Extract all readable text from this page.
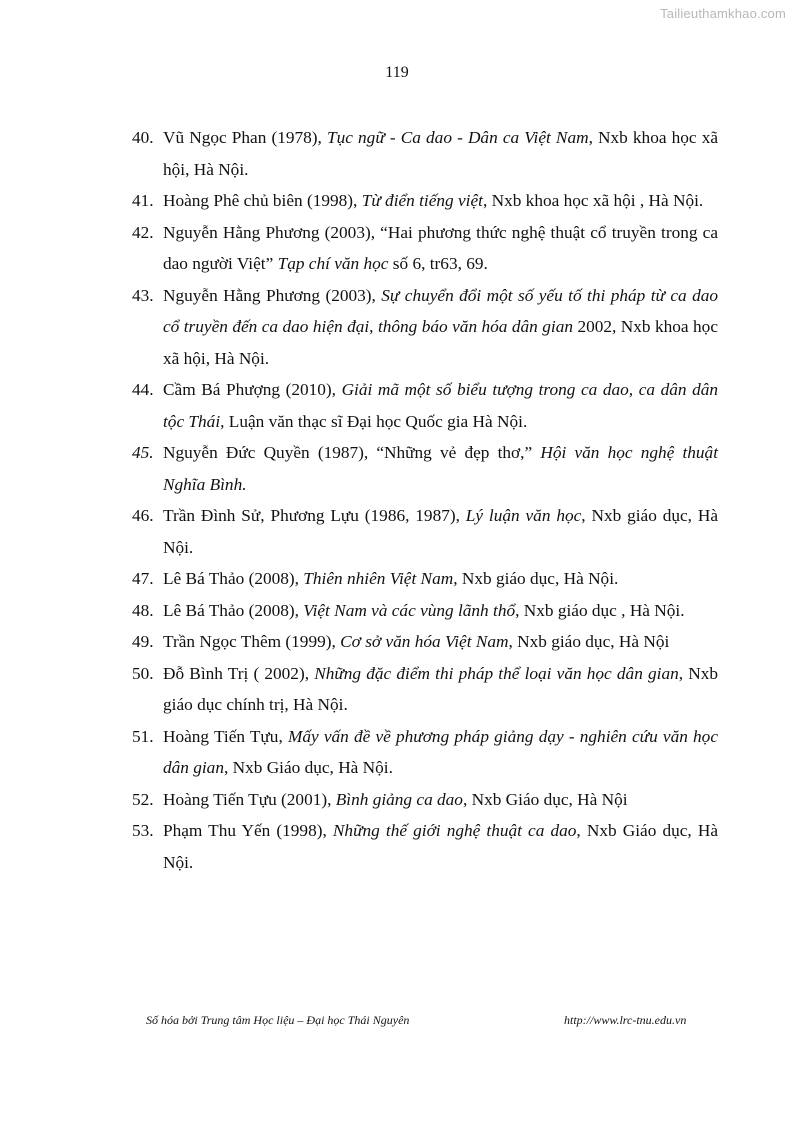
Tailieuthamkhao.com
119
40. Vũ Ngọc Phan (1978), Tục ngữ - Ca dao - Dân ca Việt Nam, Nxb khoa học xã hội, Hà Nội.
41. Hoàng Phê chủ biên (1998), Từ điển tiếng việt, Nxb khoa học xã hội , Hà Nội.
42. Nguyễn Hằng Phương (2003), “Hai phương thức nghệ thuật cổ truyền trong ca dao người Việt” Tạp chí văn học số 6, tr63, 69.
43. Nguyễn Hằng Phương (2003), Sự chuyển đổi một số yếu tố thi pháp từ ca dao cổ truyền đến ca dao hiện đại, thông báo văn hóa dân gian 2002, Nxb khoa học xã hội, Hà Nội.
44. Cầm Bá Phượng (2010), Giải mã một số biểu tượng trong ca dao, ca dân dân tộc Thái, Luận văn thạc sĩ Đại học Quốc gia Hà Nội.
45. Nguyễn Đức Quyền (1987), “Những vẻ đẹp thơ,” Hội văn học nghệ thuật Nghĩa Bình.
46. Trần Đình Sử, Phương Lựu (1986, 1987), Lý luận văn học, Nxb giáo dục, Hà Nội.
47. Lê Bá Thảo (2008), Thiên nhiên Việt Nam, Nxb giáo dục, Hà Nội.
48. Lê Bá Thảo (2008), Việt Nam và các vùng lãnh thổ, Nxb giáo dục , Hà Nội.
49. Trần Ngọc Thêm (1999), Cơ sở văn hóa Việt Nam, Nxb giáo dục, Hà Nội
50. Đỗ Bình Trị ( 2002), Những đặc điểm thi pháp thể loại văn học dân gian, Nxb giáo dục chính trị, Hà Nội.
51. Hoàng Tiến Tựu, Mấy vấn đề về phương pháp giảng dạy - nghiên cứu văn học dân gian, Nxb Giáo dục, Hà Nội.
52. Hoàng Tiến Tựu (2001), Bình giảng ca dao, Nxb Giáo dục, Hà Nội
53. Phạm Thu Yến (1998), Những thế giới nghệ thuật ca dao, Nxb Giáo dục, Hà Nội.
Số hóa bởi Trung tâm Học liệu – Đại học Thái Nguyên	http://www.lrc-tnu.edu.vn
